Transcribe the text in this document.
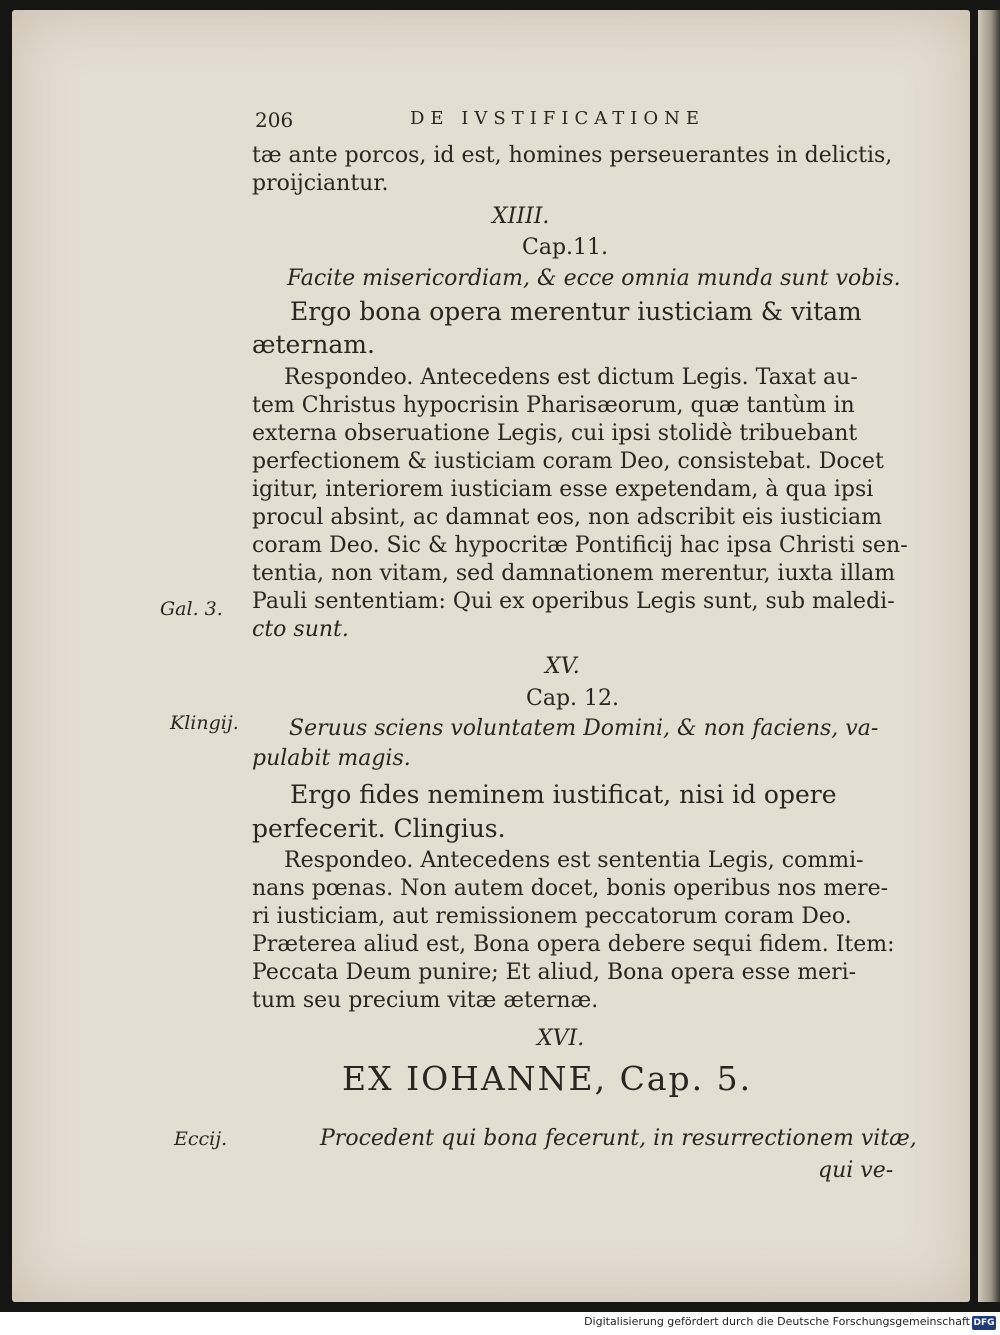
206	DE IVSTIFICATIONE
tæ ante porcos, id est, homines perseuerantes in delictis,
proijciantur.
XIIII.
Cap.11.
Facite misericordiam, & ecce omnia munda sunt vobis.
Ergo bona opera merentur iusticiam & vitam
æternam.
Respondeo. Antecedens est dictum Legis. Taxat au-
tem Christus hypocrisin Pharisæorum, quæ tantùm in
externa obseruatione Legis, cui ipsi stolidè tribuebant
perfectionem & iusticiam coram Deo, consistebat. Docet
igitur, interiorem iusticiam esse expetendam, à qua ipsi
procul absint, ac damnat eos, non adscribit eis iusticiam
coram Deo. Sic & hypocritæ Pontificij hac ipsa Christi sen-
tentia, non vitam, sed damnationem merentur, iuxta illam
Pauli sententiam: Qui ex operibus Legis sunt, sub maledi-
cto sunt.
Gal. 3.
XV.
Cap. 12.
Klingij. Seruus sciens voluntatem Domini, & non faciens, va-
pulabit magis.
Ergo fides neminem iustificat, nisi id opere
perfecerit. Clingius.
Respondeo. Antecedens est sententia Legis, commi-
nans pœnas. Non autem docet, bonis operibus nos mere-
ri iusticiam, aut remissionem peccatorum coram Deo.
Præterea aliud est, Bona opera debere sequi fidem. Item:
Peccata Deum punire; Et aliud, Bona opera esse meri-
tum seu precium vitæ æternæ.
XVI.
EX IOHANNE, Cap. 5.
Eccij.	Procedent qui bona fecerunt, in resurrectionem vitæ,
qui ve-
Digitalisierung gefördert durch die Deutsche Forschungsgemeinschaft DFG
